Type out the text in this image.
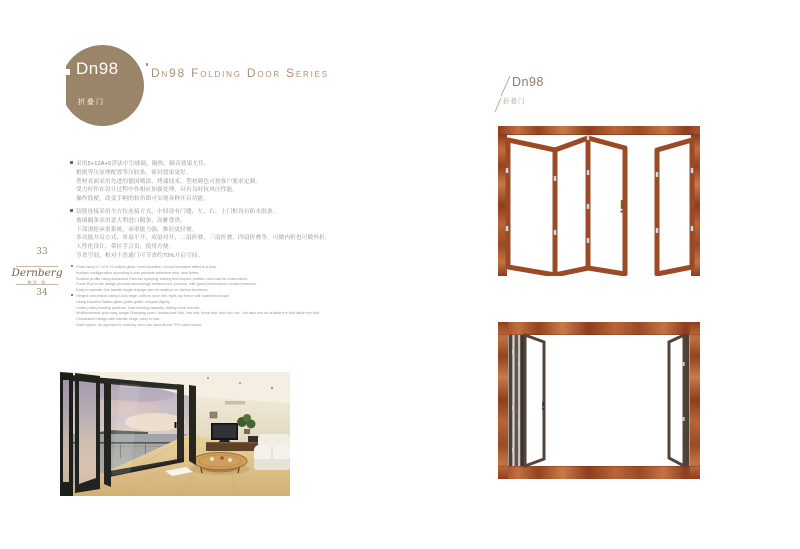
Dn98
折叠门
Dn98 Folding Door Series
采用5+12A+5浮法中空玻璃，隔热、隔音效果尤佳。
根据等压原理配置等压胶条，密封效果更好。
型材表面采用先进的德国喷涂、烤漆技术，型材颜色可按客户要求定制。
受力杆件在设计过程中作相应加强处理，具有良好抗风压性能。
操作简便，改变手柄的转角即可实现各种开启功能。
铰链连接采用全方位连接方式，中间设有门缝，左、右、上门框设有防水胶条。
玻璃隔条采用意大利进口隔条，高雅尊贵。
下部滑轮承重系统，承重能力强，推拉更轻便。
多功能开启方式，单扇平开、双扇对开、二扇折叠、三扇折叠、四扇折叠等，可做内折也可做外折。
人性化设计，带拉手合页，使用方便。
节省空间，相对于普通门可节省约70%开启空间。
Float using 5 +12 A +5 hollow glass, heat insulation, sound insulation effect is a plus.
Isobaric configuration according to the principle adhesive strip, seal better.
Surface profile using advanced German spraying, baking techniques, profiles color can be customized.
Force Rod in the design process accordingly enhance the process, with good performance of wind pressure.
Easy to operate, the handle angle change can be realized on various functions.
Hinged connection using a full range, with no door, left, right, top frame with waterproof tape.
Using imported Italian glass gutter gutter, elegant dignity.
Lower pulley bearing systems, load-bearing capacity, sliding more smooth.
Multifunctional open way, single Shanping open, double-leaf folio, two fold, three fold, four fold, etc., but also can do outside the fold within the fold.
Humanized design with handle hinge, easy to use.
Save space, as opposed to ordinary door can save about 70% open space.
33
Dernberg
德恩·堡
34
Dn98
折叠门
